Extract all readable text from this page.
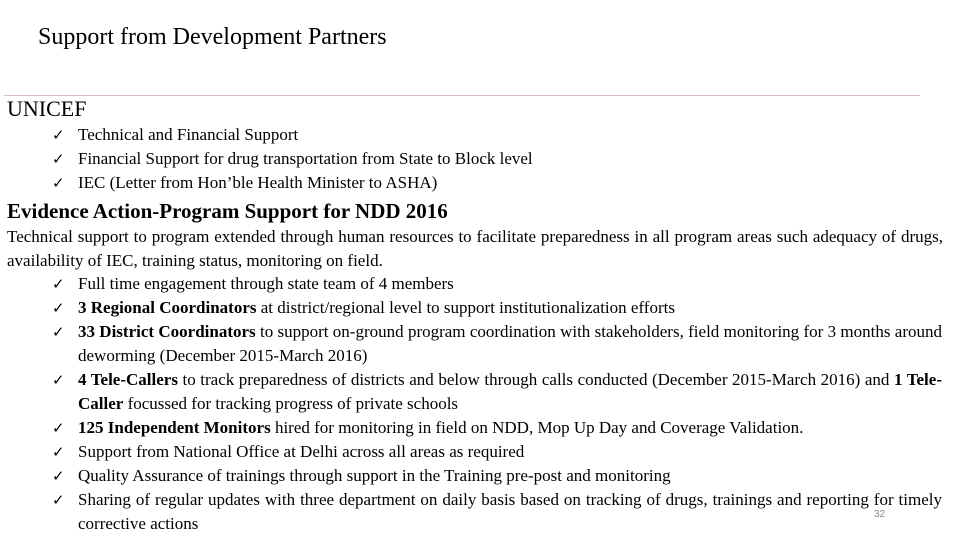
Support from Development Partners
UNICEF
✓ Technical and Financial Support
✓ Financial Support for drug transportation from State to Block level
✓ IEC (Letter from Hon’ble Health Minister to ASHA)
Evidence Action-Program Support for NDD 2016
Technical support to program extended through human resources to facilitate preparedness in all program areas such adequacy of drugs, availability of IEC, training status, monitoring on field.
✓ Full time engagement through state team of 4 members
✓ 3 Regional Coordinators at district/regional level to support institutionalization efforts
✓ 33 District Coordinators to support on-ground program coordination with stakeholders, field monitoring for 3 months around deworming (December 2015-March 2016)
✓ 4 Tele-Callers to track preparedness of districts and below through calls conducted (December 2015-March 2016) and 1 Tele-Caller focussed for tracking progress of private schools
✓ 125 Independent Monitors hired for monitoring in field on NDD, Mop Up Day and Coverage Validation.
✓ Support from National Office at Delhi across all areas as required
✓ Quality Assurance of trainings through support in the Training pre-post and monitoring
✓ Sharing of regular updates with three department on daily basis based on tracking of drugs, trainings and reporting for timely corrective actions	32
